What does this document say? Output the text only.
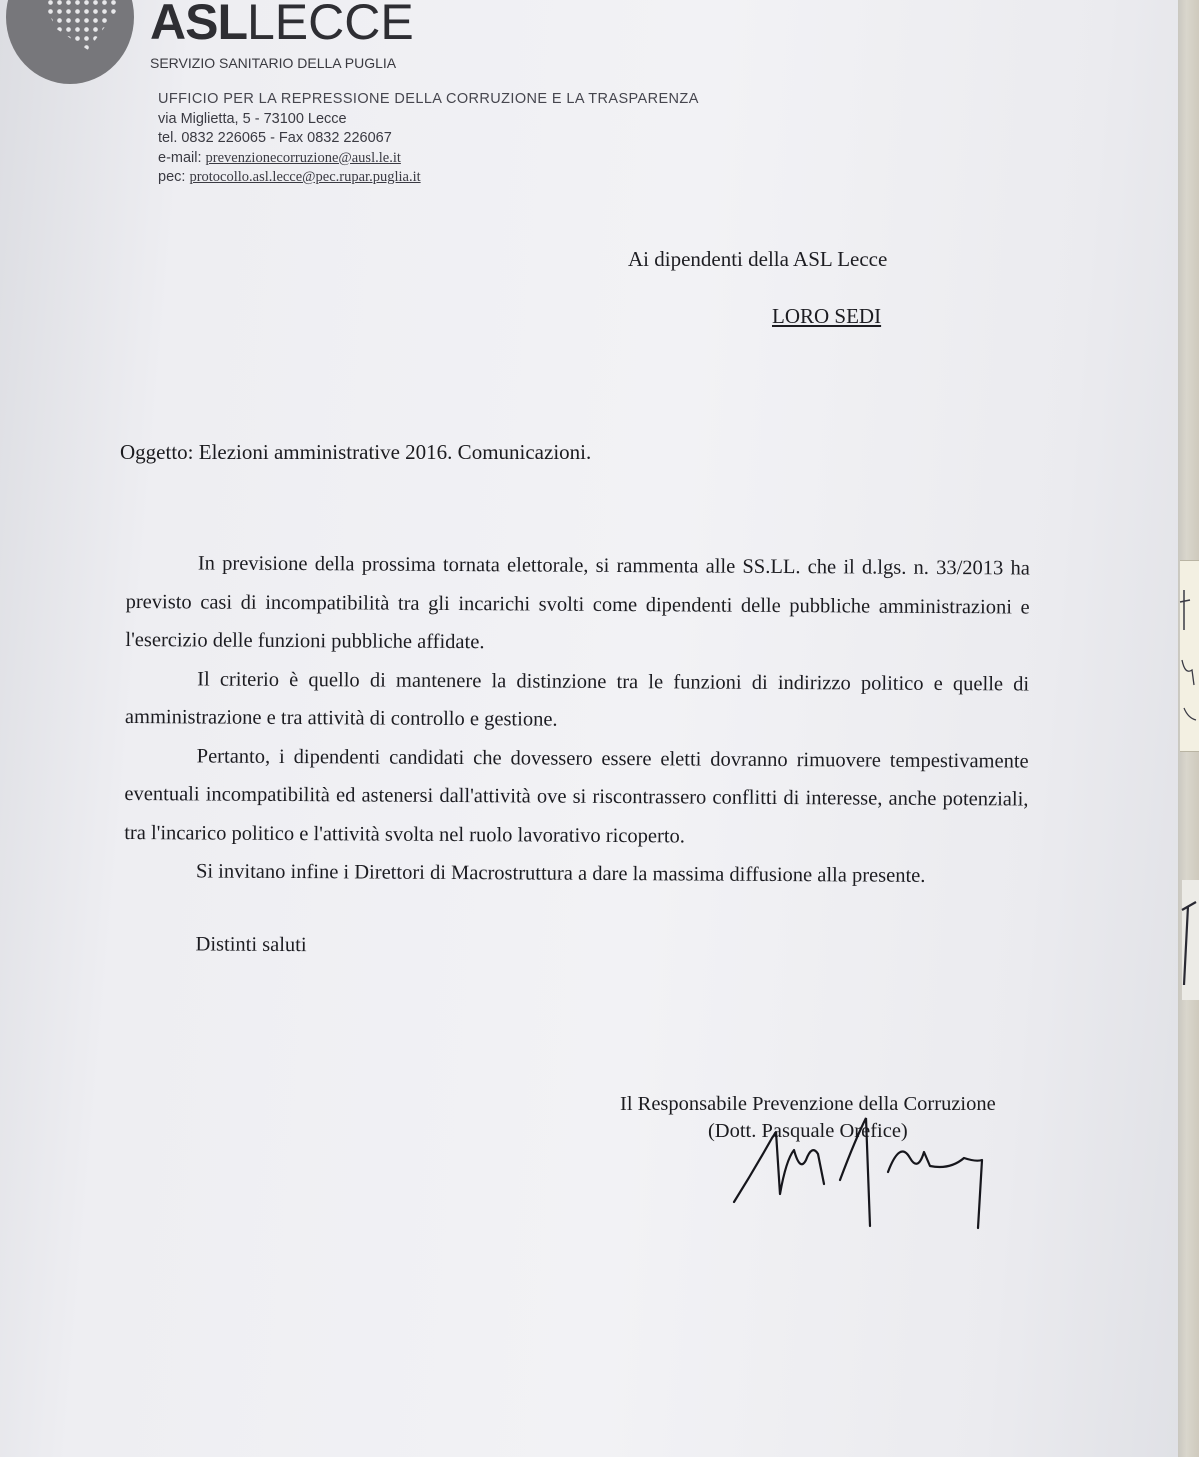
ASLLECCE
SERVIZIO SANITARIO DELLA PUGLIA
UFFICIO PER LA REPRESSIONE DELLA CORRUZIONE E LA TRASPARENZA
via Miglietta, 5 - 73100 Lecce
tel. 0832 226065 - Fax 0832 226067
e-mail: prevenzionecorruzione@ausl.le.it
pec: protocollo.asl.lecce@pec.rupar.puglia.it
Ai dipendenti della ASL Lecce
LORO SEDI
Oggetto: Elezioni amministrative 2016. Comunicazioni.

In previsione della prossima tornata elettorale, si rammenta alle SS.LL. che il d.lgs. n. 33/2013 ha previsto casi di incompatibilità tra gli incarichi svolti come dipendenti delle pubbliche amministrazioni e l'esercizio delle funzioni pubbliche affidate.

Il criterio è quello di mantenere la distinzione tra le funzioni di indirizzo politico e quelle di amministrazione e tra attività di controllo e gestione.

Pertanto, i dipendenti candidati che dovessero essere eletti dovranno rimuovere tempestivamente eventuali incompatibilità ed astenersi dall'attività ove si riscontrassero conflitti di interesse, anche potenziali, tra l'incarico politico e l'attività svolta nel ruolo lavorativo ricoperto.

Si invitano infine i Direttori di Macrostruttura a dare la massima diffusione alla presente.

Distinti saluti

Il Responsabile Prevenzione della Corruzione
(Dott. Pasquale Orefice)
